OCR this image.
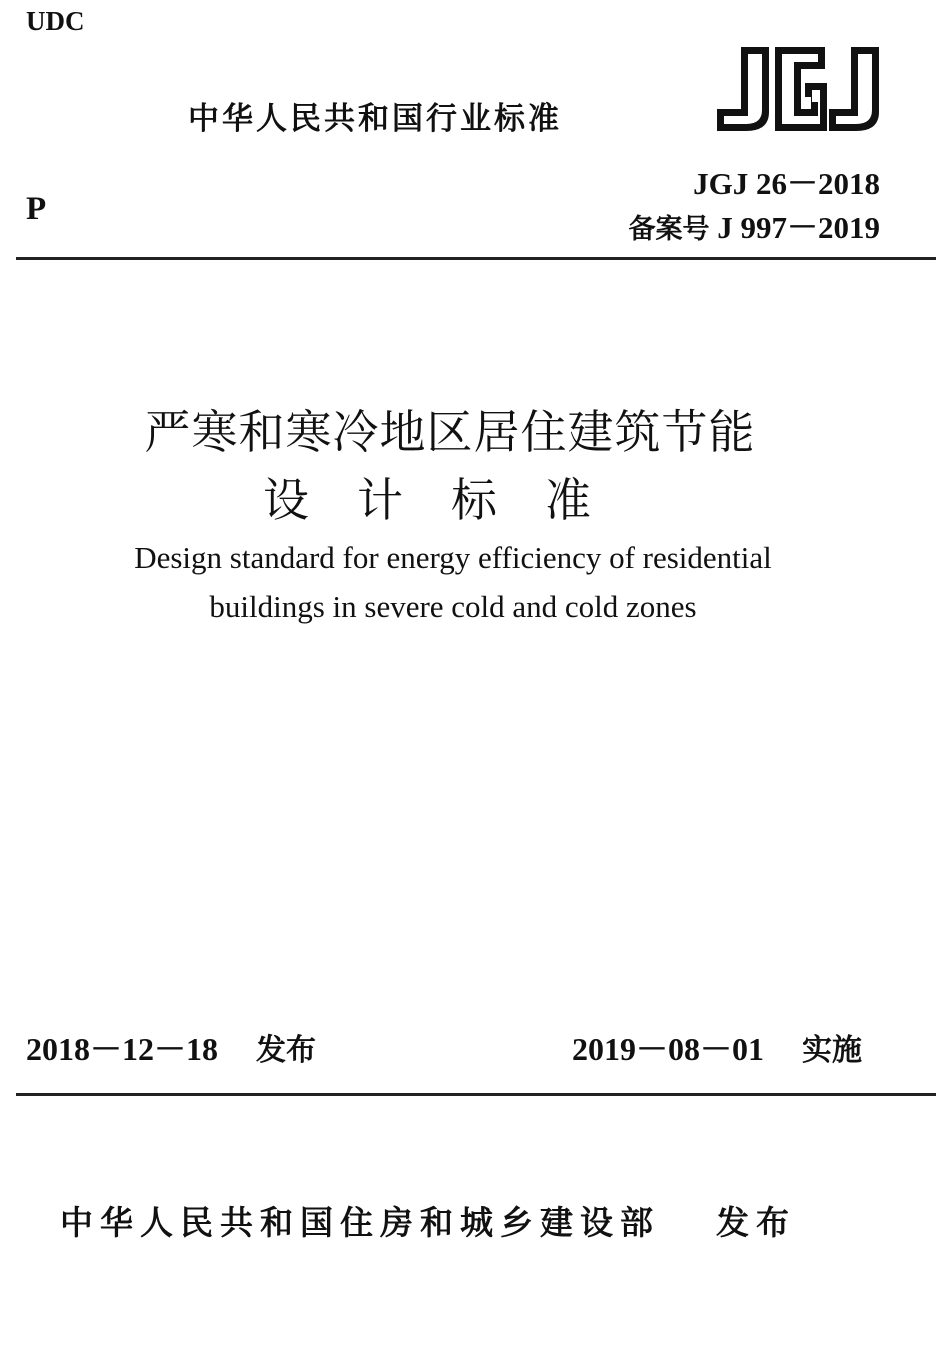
UDC
中华人民共和国行业标准
JGJ 26－2018
备案号 J 997－2019
P
严寒和寒冷地区居住建筑节能
设计标准
Design standard for energy efficiency of residential
buildings in severe cold and cold zones
2018－12－18 发布	2019－08－01 实施
中华人民共和国住房和城乡建设部 发布
